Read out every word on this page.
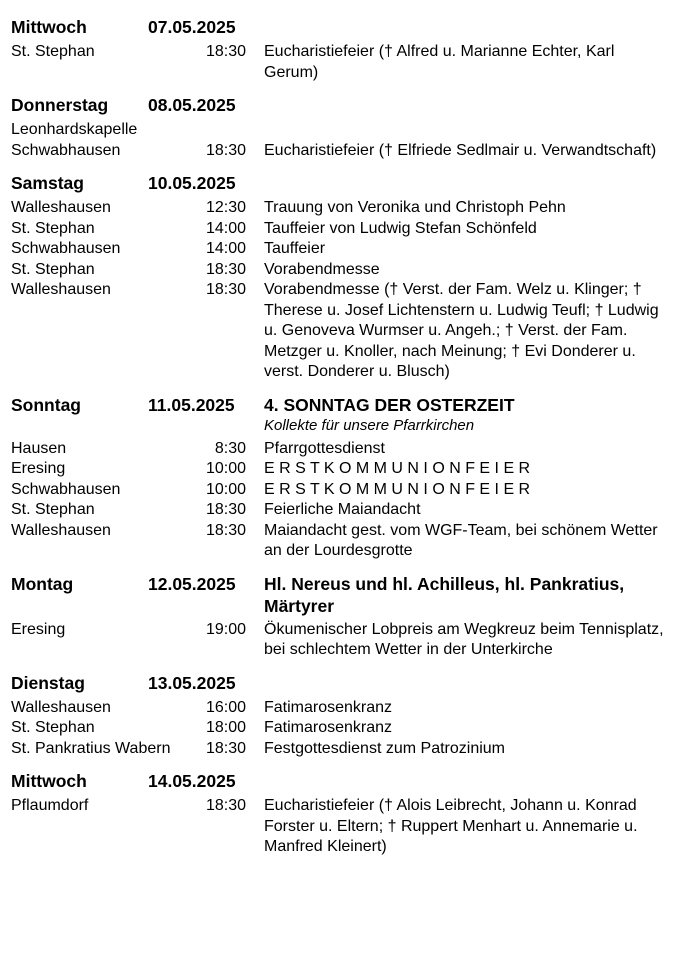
Mittwoch	07.05.2025
St. Stephan	18:30 Eucharistiefeier († Alfred u. Marianne Echter, Karl Gerum)
Donnerstag	08.05.2025
Leonhardskapelle
Schwabhausen	18:30 Eucharistiefeier († Elfriede Sedlmair u. Verwandtschaft)
Samstag	10.05.2025
Walleshausen	12:30 Trauung von Veronika und Christoph Pehn
St. Stephan	14:00 Tauffeier von Ludwig Stefan Schönfeld
Schwabhausen	14:00 Tauffeier
St. Stephan	18:30 Vorabendmesse
Walleshausen	18:30 Vorabendmesse († Verst. der Fam. Welz u. Klinger; † Therese u. Josef Lichtenstern u. Ludwig Teufl; † Ludwig u. Genoveva Wurmser u. Angeh.; † Verst. der Fam. Metzger u. Knoller, nach Meinung; † Evi Donderer u. verst. Donderer u. Blusch)
Sonntag	11.05.2025	4. SONNTAG DER OSTERZEIT
Kollekte für unsere Pfarrkirchen
Hausen	8:30 Pfarrgottesdienst
Eresing	10:00 E R S T K O M M U N I O N F E I E R
Schwabhausen	10:00 E R S T K O M M U N I O N F E I E R
St. Stephan	18:30 Feierliche Maiandacht
Walleshausen	18:30 Maiandacht gest. vom WGF-Team, bei schönem Wetter an der Lourdesgrotte
Montag	12.05.2025	Hl. Nereus und hl. Achilleus, hl. Pankratius, Märtyrer
Eresing	19:00 Ökumenischer Lobpreis am Wegkreuz beim Tennisplatz, bei schlechtem Wetter in der Unterkirche
Dienstag	13.05.2025
Walleshausen	16:00 Fatimarosenkranz
St. Stephan	18:00 Fatimarosenkranz
St. Pankratius Wabern	18:30 Festgottesdienst zum Patrozinium
Mittwoch	14.05.2025
Pflaumdorf	18:30 Eucharistiefeier († Alois Leibrecht, Johann u. Konrad Forster u. Eltern; † Ruppert Menhart u. Annemarie u. Manfred Kleinert)
